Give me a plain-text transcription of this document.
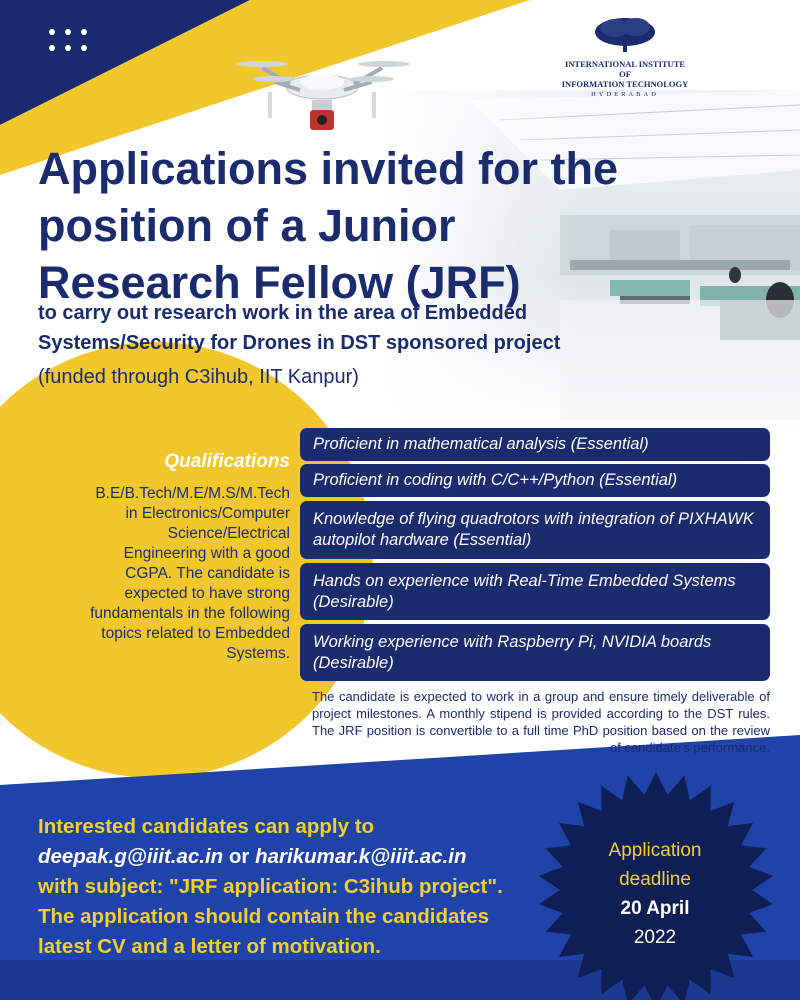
INTERNATIONAL INSTITUTE OF
INFORMATION TECHNOLOGY
HYDERABAD
Applications invited for the position of a Junior Research Fellow (JRF)

to carry out research work in the area of Embedded Systems/Security for Drones in DST sponsored project

(funded through C3ihub, IIT Kanpur)
Qualifications
B.E/B.Tech/M.E/M.S/M.Tech in Electronics/Computer Science/Electrical Engineering with a good CGPA. The candidate is expected to have strong fundamentals in the following topics related to Embedded Systems.
Proficient in mathematical analysis (Essential)
Proficient in coding with C/C++/Python (Essential)
Knowledge of flying quadrotors with integration of PIXHAWK autopilot hardware (Essential)
Hands on experience with Real-Time Embedded Systems (Desirable)
Working experience with Raspberry Pi, NVIDIA boards (Desirable)
The candidate is expected to work in a group and ensure timely deliverable of project milestones. A monthly stipend is provided according to the DST rules. The JRF position is convertible to a full time PhD position based on the review of candidate's performance.
Interested candidates can apply to
deepak.g@iiit.ac.in or harikumar.k@iiit.ac.in
with subject: "JRF application: C3ihub project".
The application should contain the candidates latest CV and a letter of motivation.
Application deadline
20 April
2022
